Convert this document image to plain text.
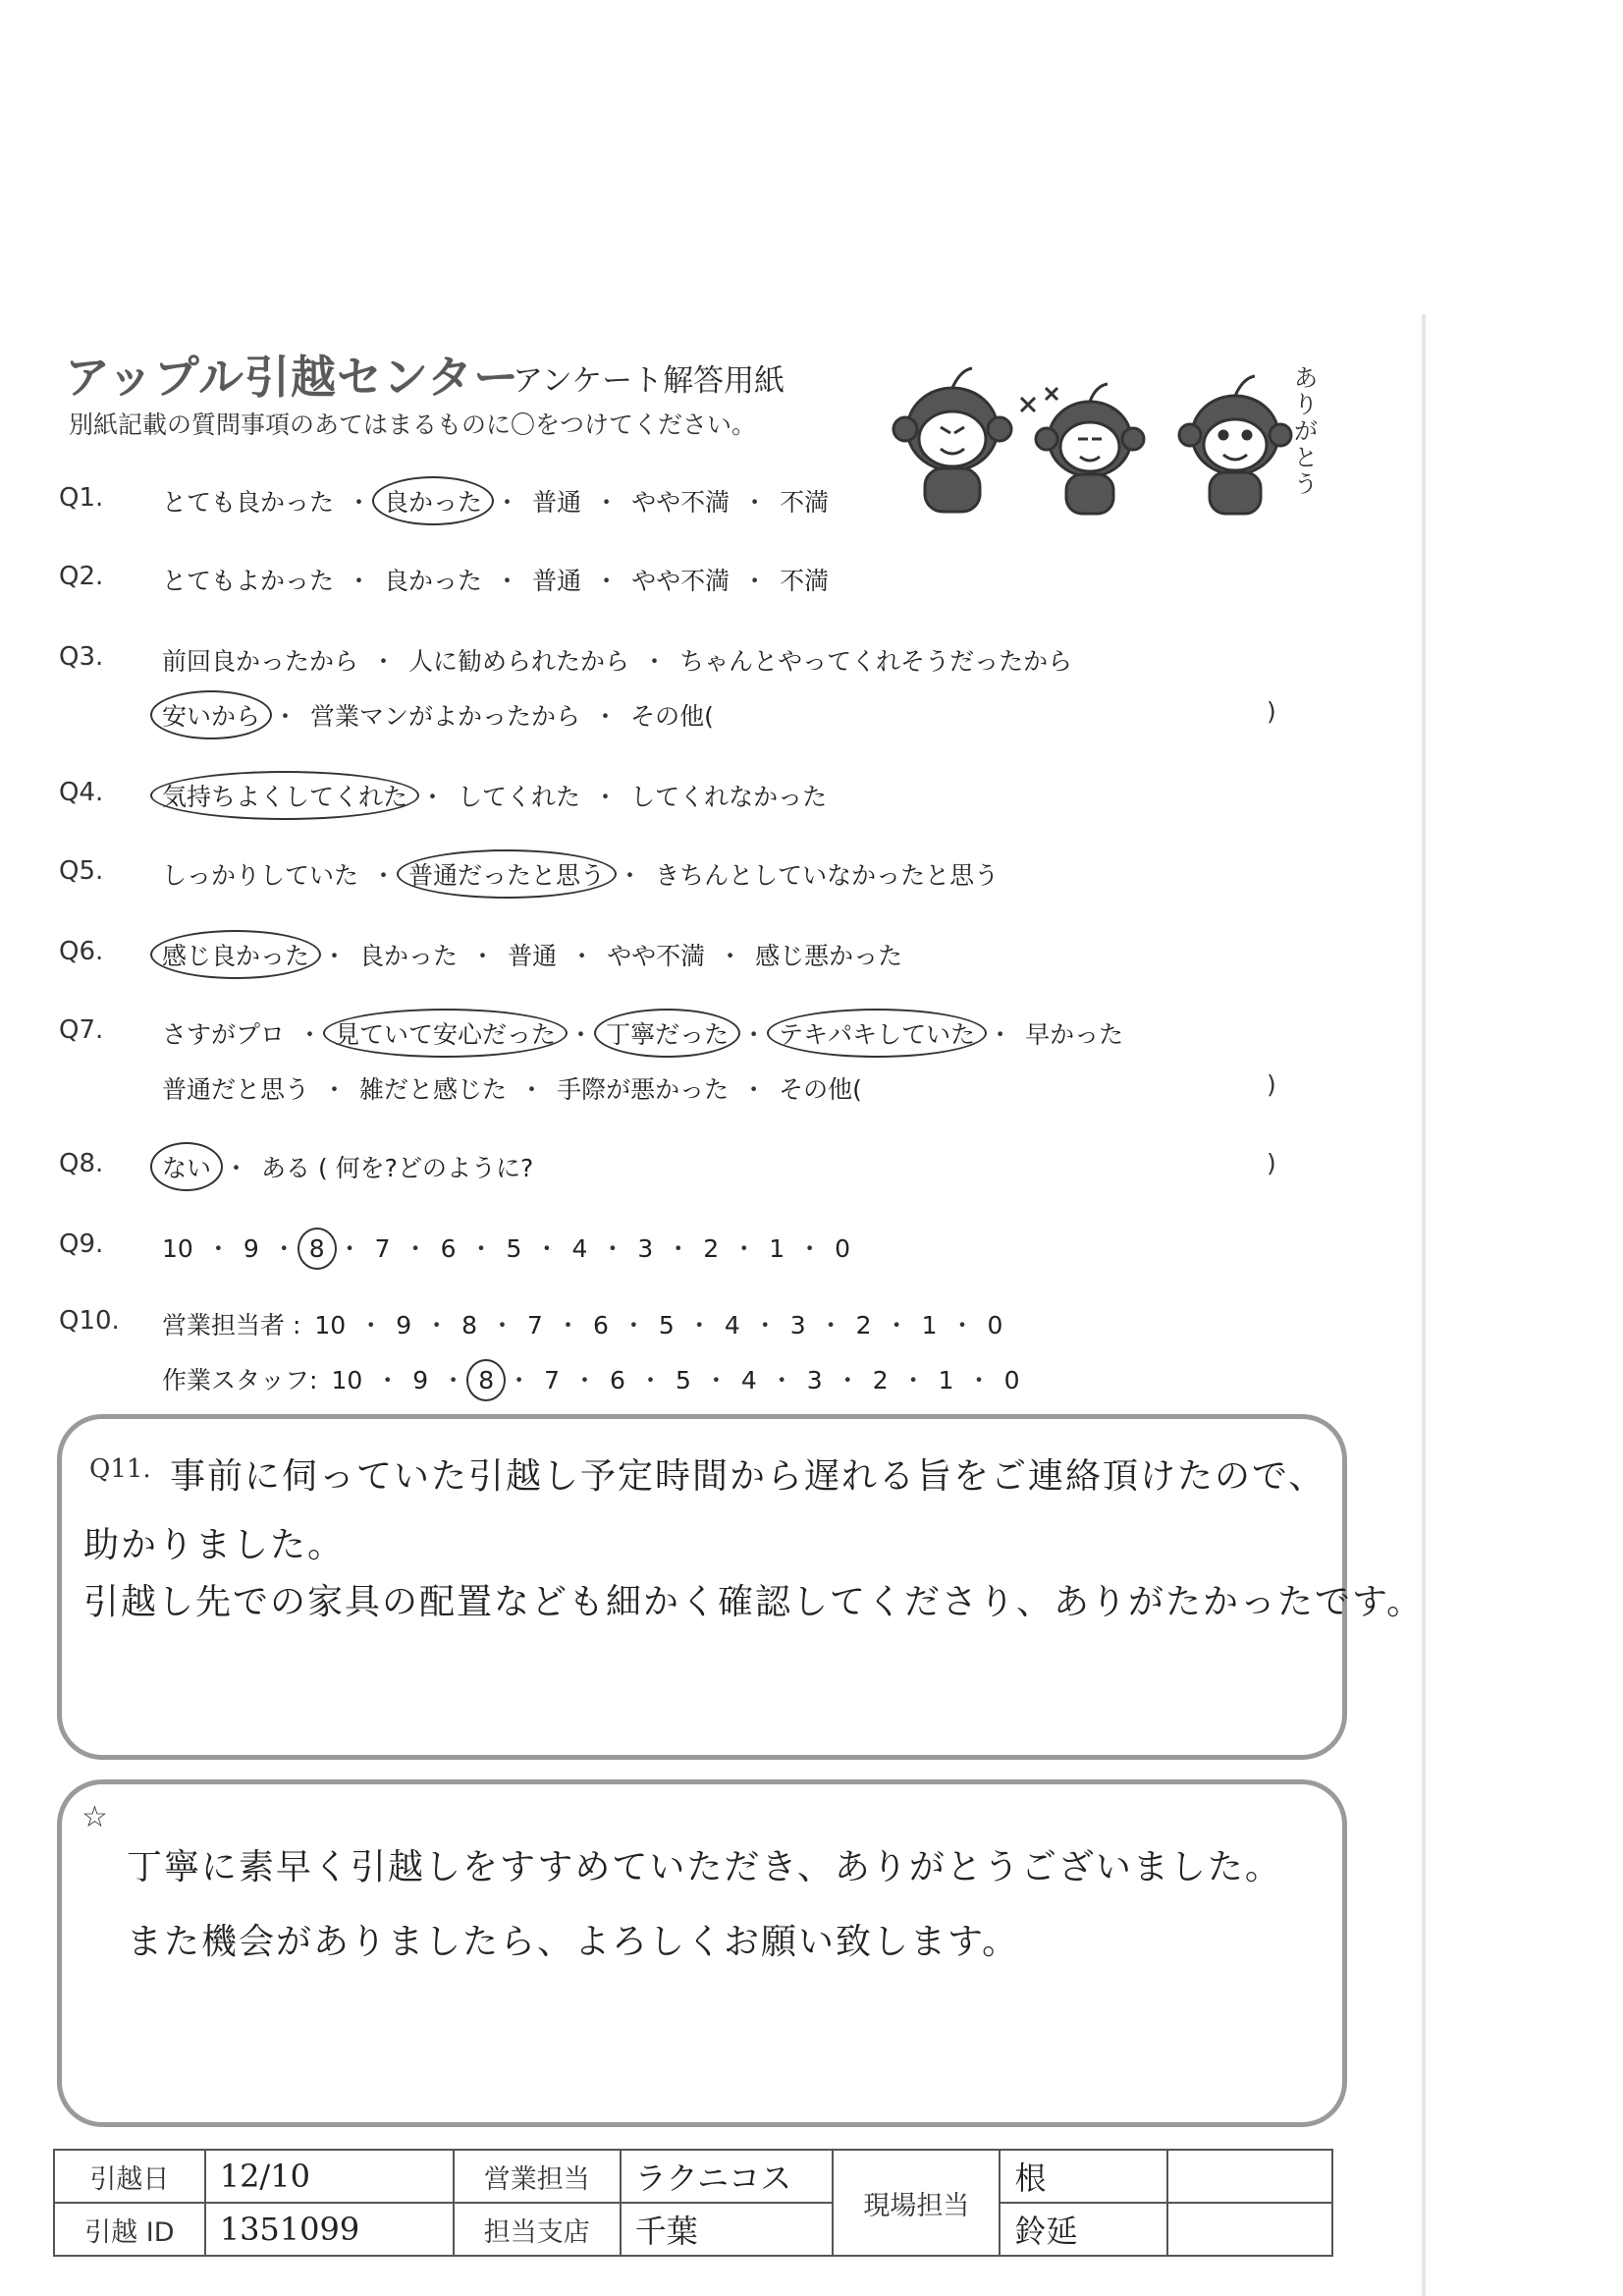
アップル引越センター
アンケート解答用紙
別紙記載の質問事項のあてはまるものに〇をつけてください。
ありがとう
Q1. とても良かった ・ 良かった ・ 普通 ・ やや不満 ・ 不満
Q2. とてもよかった ・ 良かった ・ 普通 ・ やや不満 ・ 不満
Q3. 前回良かったから ・ 人に勧められたから ・ ちゃんとやってくれそうだったから
安いから ・ 営業マンがよかったから ・ その他(	)
Q4. 気持ちよくしてくれた ・ してくれた ・ してくれなかった
Q5. しっかりしていた ・ 普通だったと思う ・ きちんとしていなかったと思う
Q6. 感じ良かった ・ 良かった ・ 普通 ・ やや不満 ・ 感じ悪かった
Q7. さすがプロ ・ 見ていて安心だった ・ 丁寧だった ・ テキパキしていた ・ 早かった
普通だと思う ・ 雑だと感じた ・ 手際が悪かった ・ その他(	)
Q8. ない ・ ある ( 何を?どのように?	)
Q9. 10 ・ 9 ・ 8 ・ 7 ・ 6 ・ 5 ・ 4 ・ 3 ・ 2 ・ 1 ・ 0
Q10. 営業担当者 : 10 ・ 9 ・ 8 ・ 7 ・ 6 ・ 5 ・ 4 ・ 3 ・ 2 ・ 1 ・ 0
作業スタッフ: 10 ・ 9 ・ 8 ・ 7 ・ 6 ・ 5 ・ 4 ・ 3 ・ 2 ・ 1 ・ 0
Q11. 事前に伺っていた引越し予定時間から遅れる旨をご連絡頂けたので、
助かりました。
引越し先での家具の配置なども細かく確認してくださり、ありがたかったです。
☆
丁寧に素早く引越しをすすめていただき、ありがとうございました。
また機会がありましたら、よろしくお願い致します。
引越日	12/10	営業担当	ラクニコス	現場担当	根	
引越 ID	1351099	担当支店	千葉		鈴延	
